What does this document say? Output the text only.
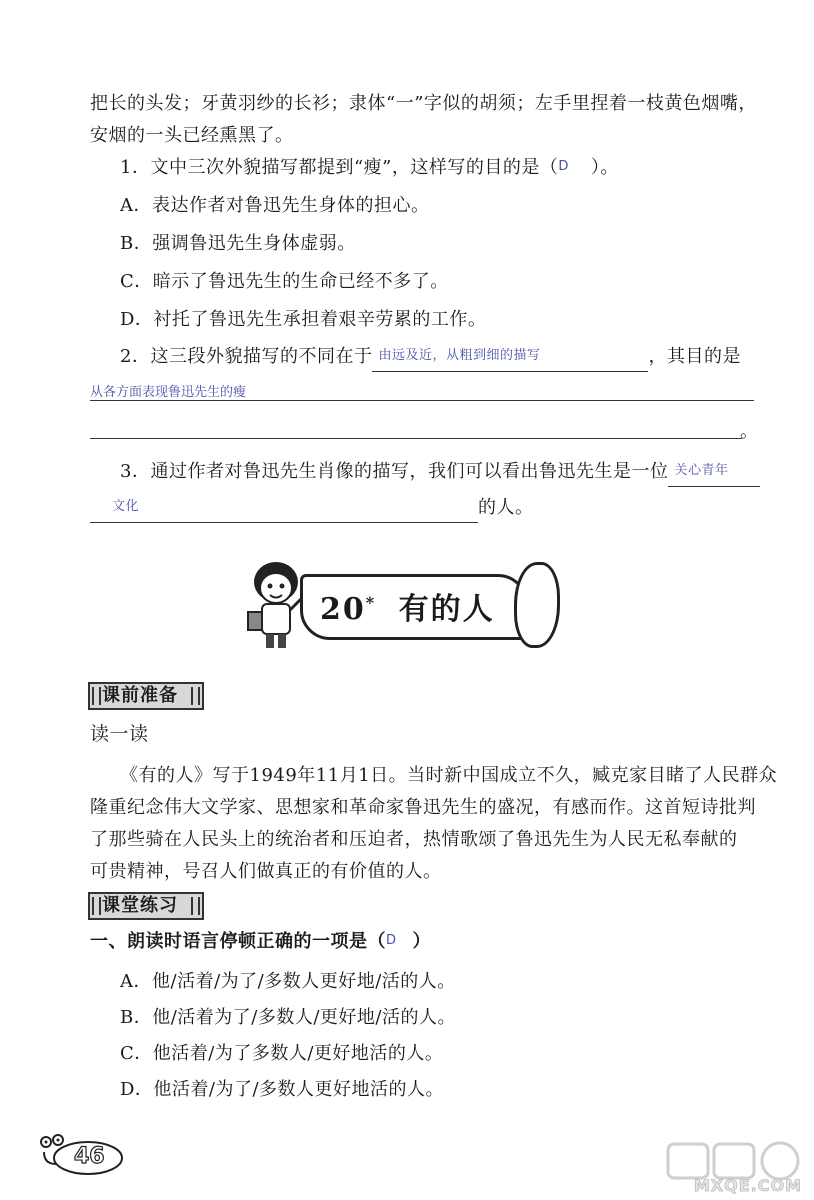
把长的头发；牙黄羽纱的长衫；隶体“一”字似的胡须；左手里捏着一枝黄色烟嘴，
安烟的一头已经熏黑了。
1．文中三次外貌描写都提到“瘦”，这样写的目的是（D ）。
A．表达作者对鲁迅先生身体的担心。
B．强调鲁迅先生身体虚弱。
C．暗示了鲁迅先生的生命已经不多了。
D．衬托了鲁迅先生承担着艰辛劳累的工作。
2．这三段外貌描写的不同在于 由远及近，从粗到细的描写	，其目的是
从各方面表现鲁迅先生的瘦
。
3．通过作者对鲁迅先生肖像的描写，我们可以看出鲁迅先生是一位 关心青年
文化	的人。
20* 有的人
课前准备
读一读
《有的人》写于1949年11月1日。当时新中国成立不久，臧克家目睹了人民群众
隆重纪念伟大文学家、思想家和革命家鲁迅先生的盛况，有感而作。这首短诗批判
了那些骑在人民头上的统治者和压迫者，热情歌颂了鲁迅先生为人民无私奉献的
可贵精神，号召人们做真正的有价值的人。
课堂练习
一、朗读时语言停顿正确的一项是（D ）
A．他/活着/为了/多数人更好地/活的人。
B．他/活着为了/多数人/更好地/活的人。
C．他活着/为了多数人/更好地活的人。
D．他活着/为了/多数人更好地活的人。
46
MXQE.COM
